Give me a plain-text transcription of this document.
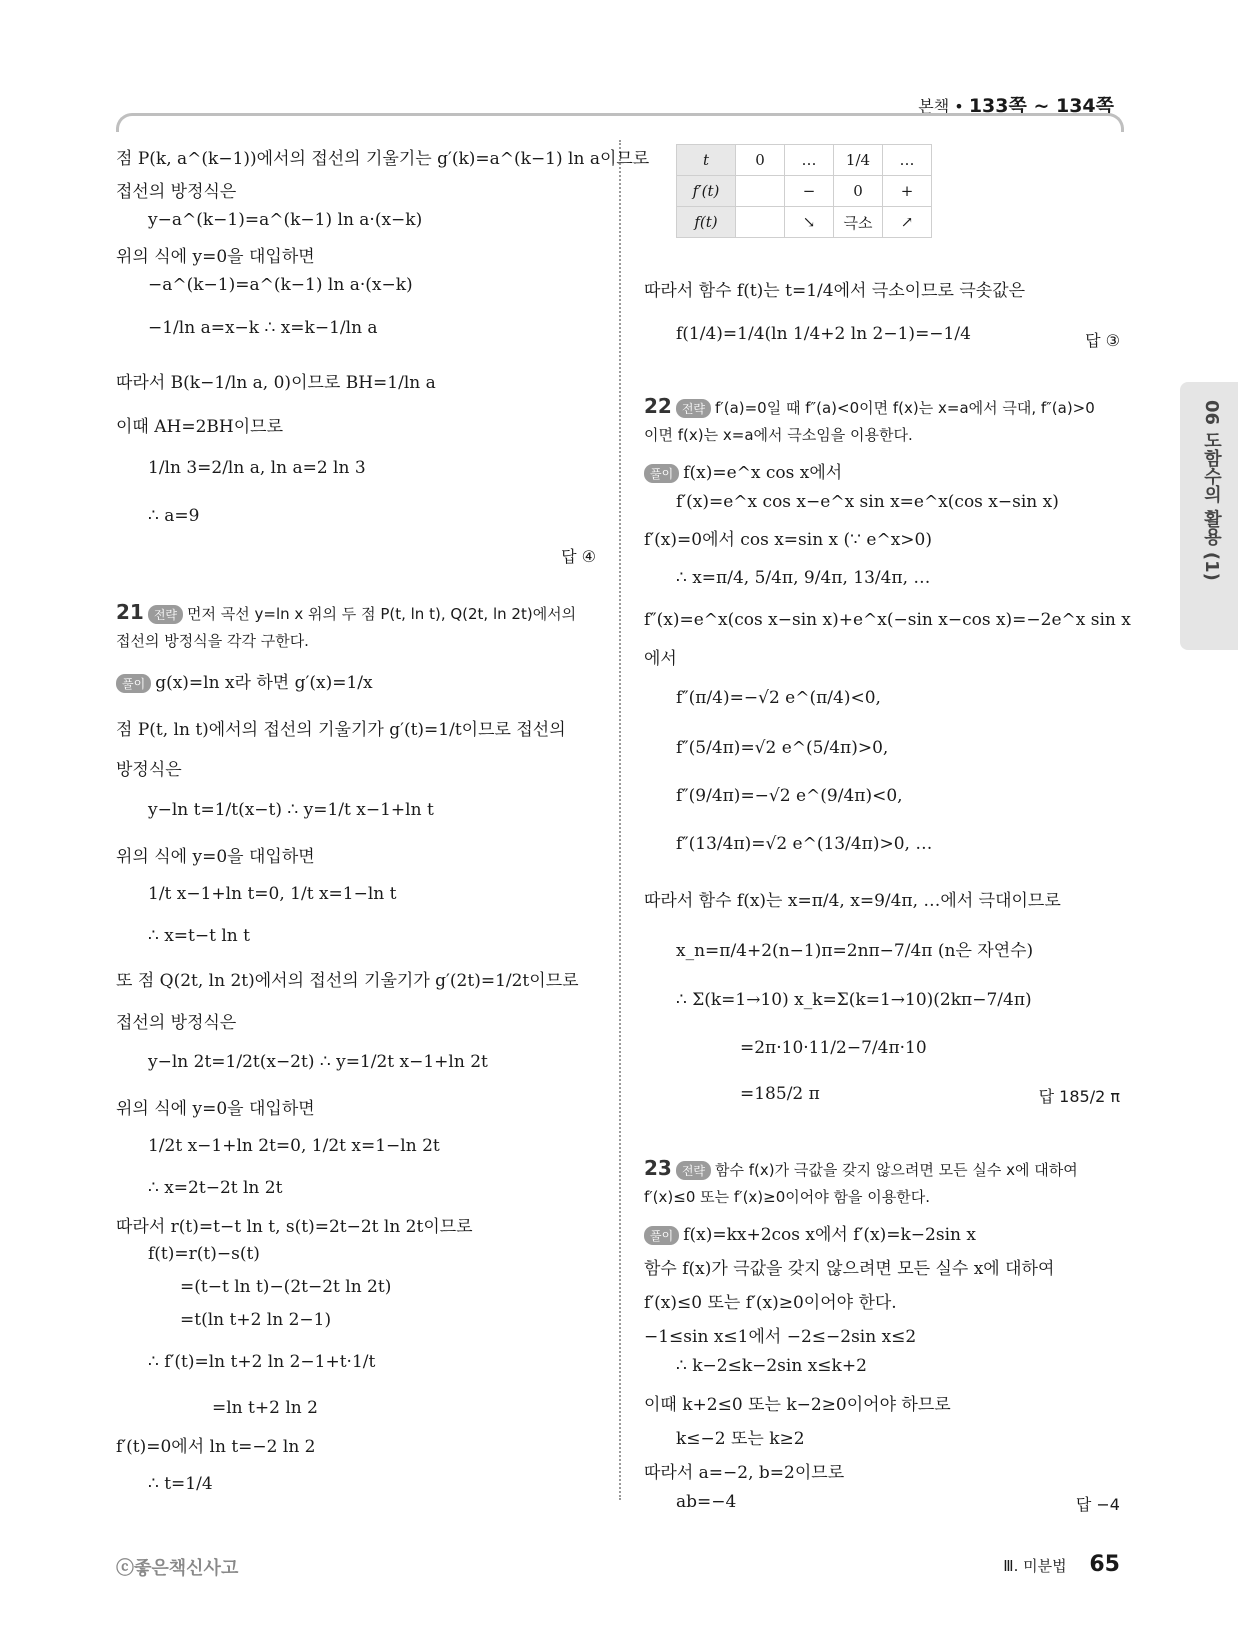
본책 • 133쪽 ~ 134쪽
06 도함수의 활용 (1)
점 P(k, a^(k−1))에서의 접선의 기울기는 g′(k)=a^(k−1) ln a이므로
접선의 방정식은
y−a^(k−1)=a^(k−1) ln a·(x−k)
위의 식에 y=0을 대입하면
−a^(k−1)=a^(k−1) ln a·(x−k)
−1/ln a=x−k ∴ x=k−1/ln a
따라서 B(k−1/ln a, 0)이므로 BH=1/ln a
이때 AH=2BH이므로
1/ln 3=2/ln a, ln a=2 ln 3
∴ a=9
답 ④
21 전략 먼저 곡선 y=ln x 위의 두 점 P(t, ln t), Q(2t, ln 2t)에서의
접선의 방정식을 각각 구한다.
풀이 g(x)=ln x라 하면 g′(x)=1/x
점 P(t, ln t)에서의 접선의 기울기가 g′(t)=1/t이므로 접선의
방정식은
y−ln t=1/t(x−t) ∴ y=1/t x−1+ln t
위의 식에 y=0을 대입하면
1/t x−1+ln t=0, 1/t x=1−ln t
∴ x=t−t ln t
또 점 Q(2t, ln 2t)에서의 접선의 기울기가 g′(2t)=1/2t이므로
접선의 방정식은
y−ln 2t=1/2t(x−2t) ∴ y=1/2t x−1+ln 2t
위의 식에 y=0을 대입하면
1/2t x−1+ln 2t=0, 1/2t x=1−ln 2t
∴ x=2t−2t ln 2t
따라서 r(t)=t−t ln t, s(t)=2t−2t ln 2t이므로
f(t)=r(t)−s(t)
=(t−t ln t)−(2t−2t ln 2t)
=t(ln t+2 ln 2−1)
∴ f′(t)=ln t+2 ln 2−1+t·1/t
=ln t+2 ln 2
f′(t)=0에서 ln t=−2 ln 2
∴ t=1/4
t	0	…	1/4	…
f′(t)		−	0	+
f(t)		↘	극소	↗
따라서 함수 f(t)는 t=1/4에서 극소이므로 극솟값은
f(1/4)=1/4(ln 1/4+2 ln 2−1)=−1/4	답 ③
22 전략 f′(a)=0일 때 f″(a)<0이면 f(x)는 x=a에서 극대, f″(a)>0
이면 f(x)는 x=a에서 극소임을 이용한다.
풀이 f(x)=e^x cos x에서
f′(x)=e^x cos x−e^x sin x=e^x(cos x−sin x)
f′(x)=0에서 cos x=sin x (∵ e^x>0)
∴ x=π/4, 5/4π, 9/4π, 13/4π, …
f″(x)=e^x(cos x−sin x)+e^x(−sin x−cos x)=−2e^x sin x
에서
f″(π/4)=−√2 e^(π/4)<0,
f″(5/4π)=√2 e^(5/4π)>0,
f″(9/4π)=−√2 e^(9/4π)<0,
f″(13/4π)=√2 e^(13/4π)>0, …
따라서 함수 f(x)는 x=π/4, x=9/4π, …에서 극대이므로
x_n=π/4+2(n−1)π=2nπ−7/4π (n은 자연수)
∴ Σ(k=1→10) x_k=Σ(k=1→10)(2kπ−7/4π)
=2π·10·11/2−7/4π·10
=185/2 π	답 185/2 π
23 전략 함수 f(x)가 극값을 갖지 않으려면 모든 실수 x에 대하여
f′(x)≤0 또는 f′(x)≥0이어야 함을 이용한다.
풀이 f(x)=kx+2cos x에서 f′(x)=k−2sin x
함수 f(x)가 극값을 갖지 않으려면 모든 실수 x에 대하여
f′(x)≤0 또는 f′(x)≥0이어야 한다.
−1≤sin x≤1에서 −2≤−2sin x≤2
∴ k−2≤k−2sin x≤k+2
이때 k+2≤0 또는 k−2≥0이어야 하므로
k≤−2 또는 k≥2
따라서 a=−2, b=2이므로
ab=−4	답 −4
ⓒ좋은책신사고	Ⅲ. 미분법 65
